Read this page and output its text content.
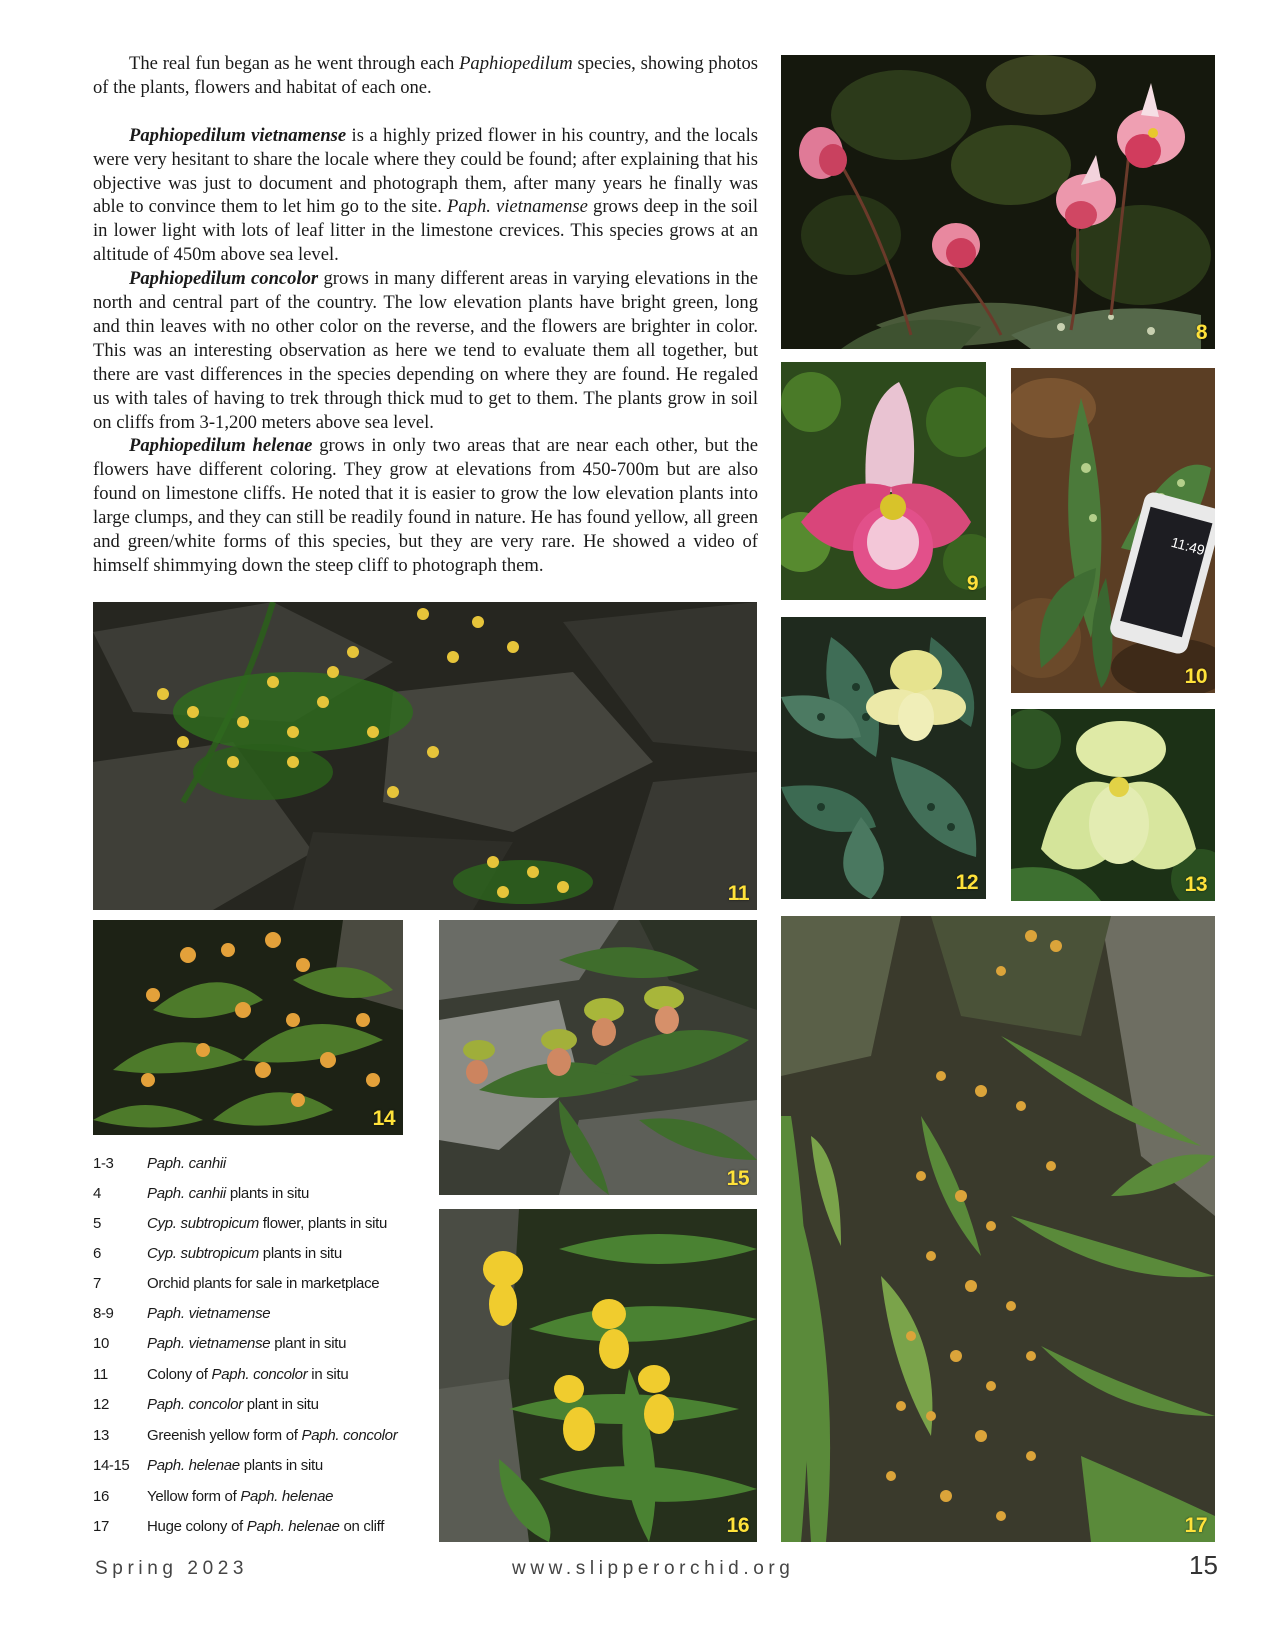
The real fun began as he went through each Paphiopedilum species, showing photos of the plants, flowers and habitat of each one.

Paphiopedilum vietnamense is a highly prized flower in his country, and the locals were very hesitant to share the locale where they could be found; after explaining that his objective was just to document and photograph them, after many years he finally was able to convince them to let him go to the site. Paph. vietnamense grows deep in the soil in lower light with lots of leaf litter in the limestone crevices. This species grows at an altitude of 450m above sea level.

Paphiopedilum concolor grows in many different areas in varying elevations in the north and central part of the country. The low elevation plants have bright green, long and thin leaves with no other color on the reverse, and the flowers are brighter in color. This was an interesting observation as here we tend to evaluate them all together, but there are vast differences in the species depending on where they are found. He regaled us with tales of having to trek through thick mud to get to them. The plants grow in soil on cliffs from 3-1,200 meters above sea level.

Paphiopedilum helenae grows in only two areas that are near each other, but the flowers have different coloring. They grow at elevations from 450-700m but are also found on limestone cliffs. He noted that it is easier to grow the low elevation plants into large clumps, and they can still be readily found in nature. He has found yellow, all green and green/white forms of this species, but they are very rare. He showed a video of himself shimmying down the steep cliff to photograph them.

8
9
11:49
10
11	12	13
14
15
16	17
1-3 Paph. canhii
4	Paph. canhii plants in situ
5	Cyp. subtropicum flower, plants in situ
6	Cyp. subtropicum plants in situ
7	Orchid plants for sale in marketplace
8-9 Paph. vietnamense
10	Paph. vietnamense plant in situ
11	Colony of Paph. concolor in situ
12	Paph. concolor plant in situ
13	Greenish yellow form of Paph. concolor
14-15 Paph. helenae plants in situ
16	Yellow form of Paph. helenae
17	Huge colony of Paph. helenae on cliff
Spring 2023	www.slipperorchid.org	15
